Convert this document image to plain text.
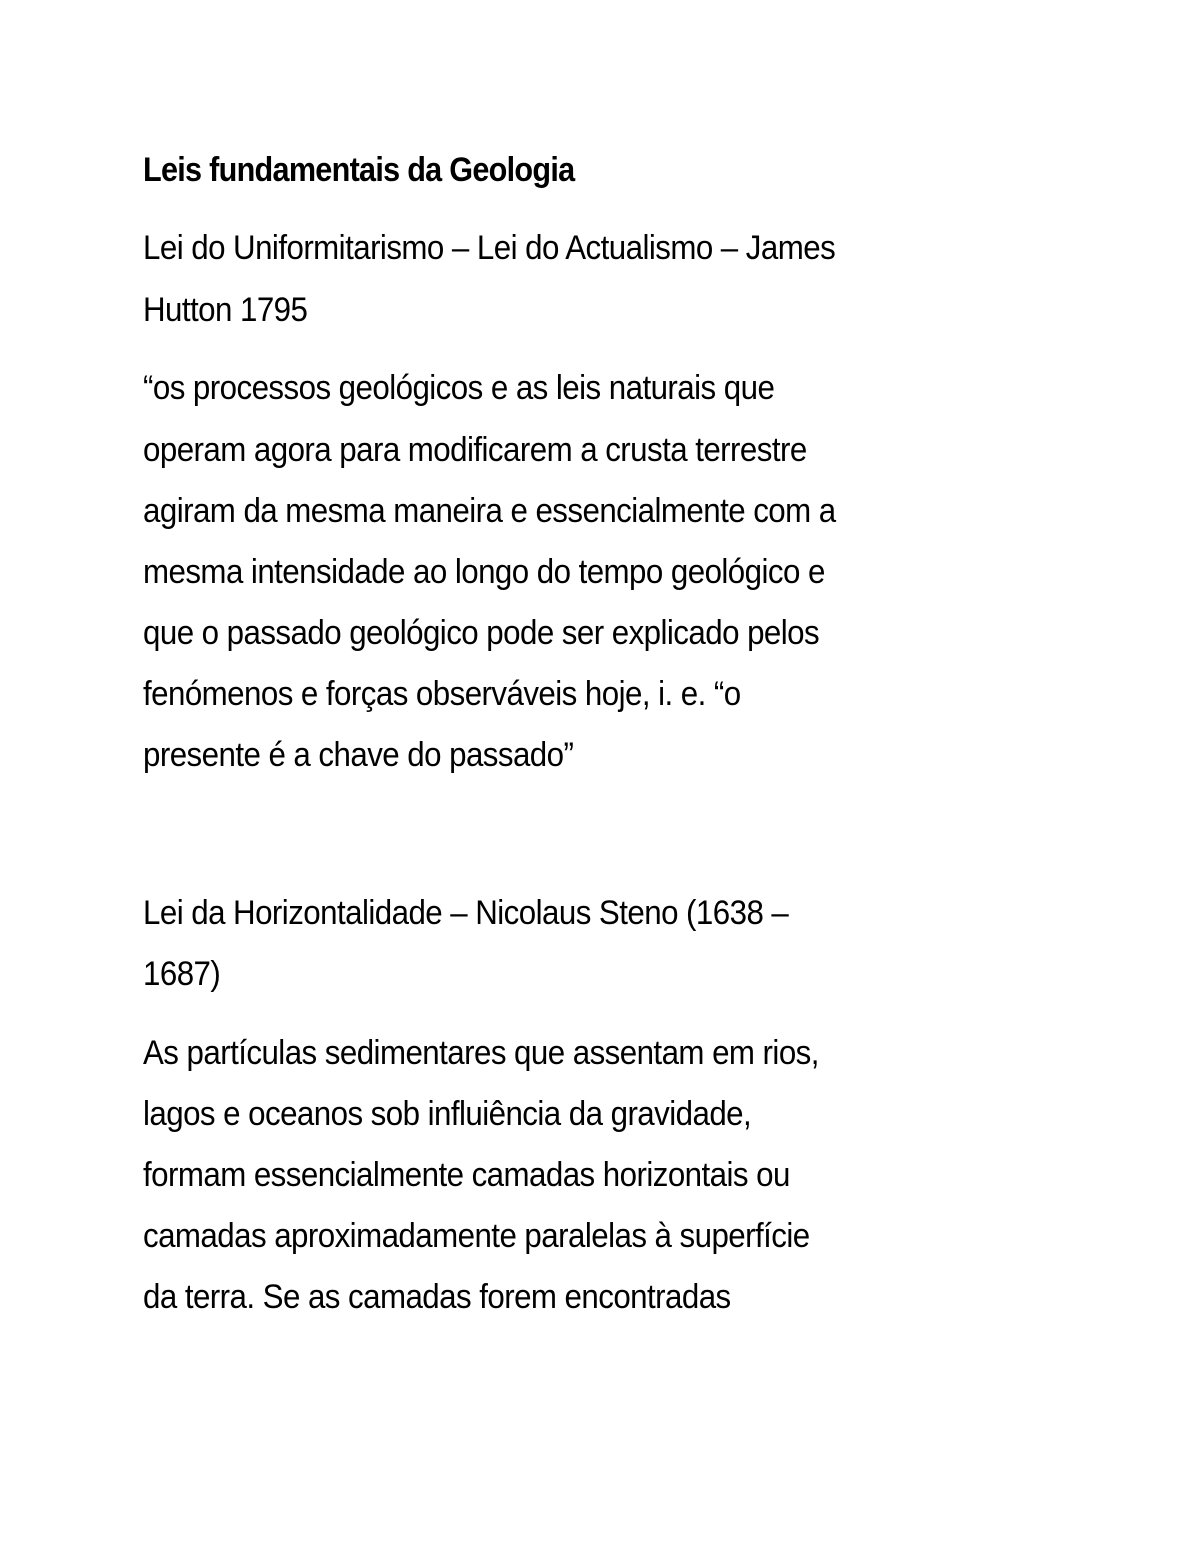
Leis fundamentais da Geologia
Lei do Uniformitarismo – Lei do Actualismo – James
Hutton 1795
“os processos geológicos e as leis naturais que
operam agora para modificarem a crusta terrestre
agiram da mesma maneira e essencialmente com a
mesma intensidade ao longo do tempo geológico e
que o passado geológico pode ser explicado pelos
fenómenos e forças observáveis hoje, i. e. “o
presente é a chave do passado”
Lei da Horizontalidade – Nicolaus Steno (1638 –
1687)
As partículas sedimentares que assentam em rios,
lagos e oceanos sob influiência da gravidade,
formam essencialmente camadas horizontais ou
camadas aproximadamente paralelas à superfície
da terra. Se as camadas forem encontradas
